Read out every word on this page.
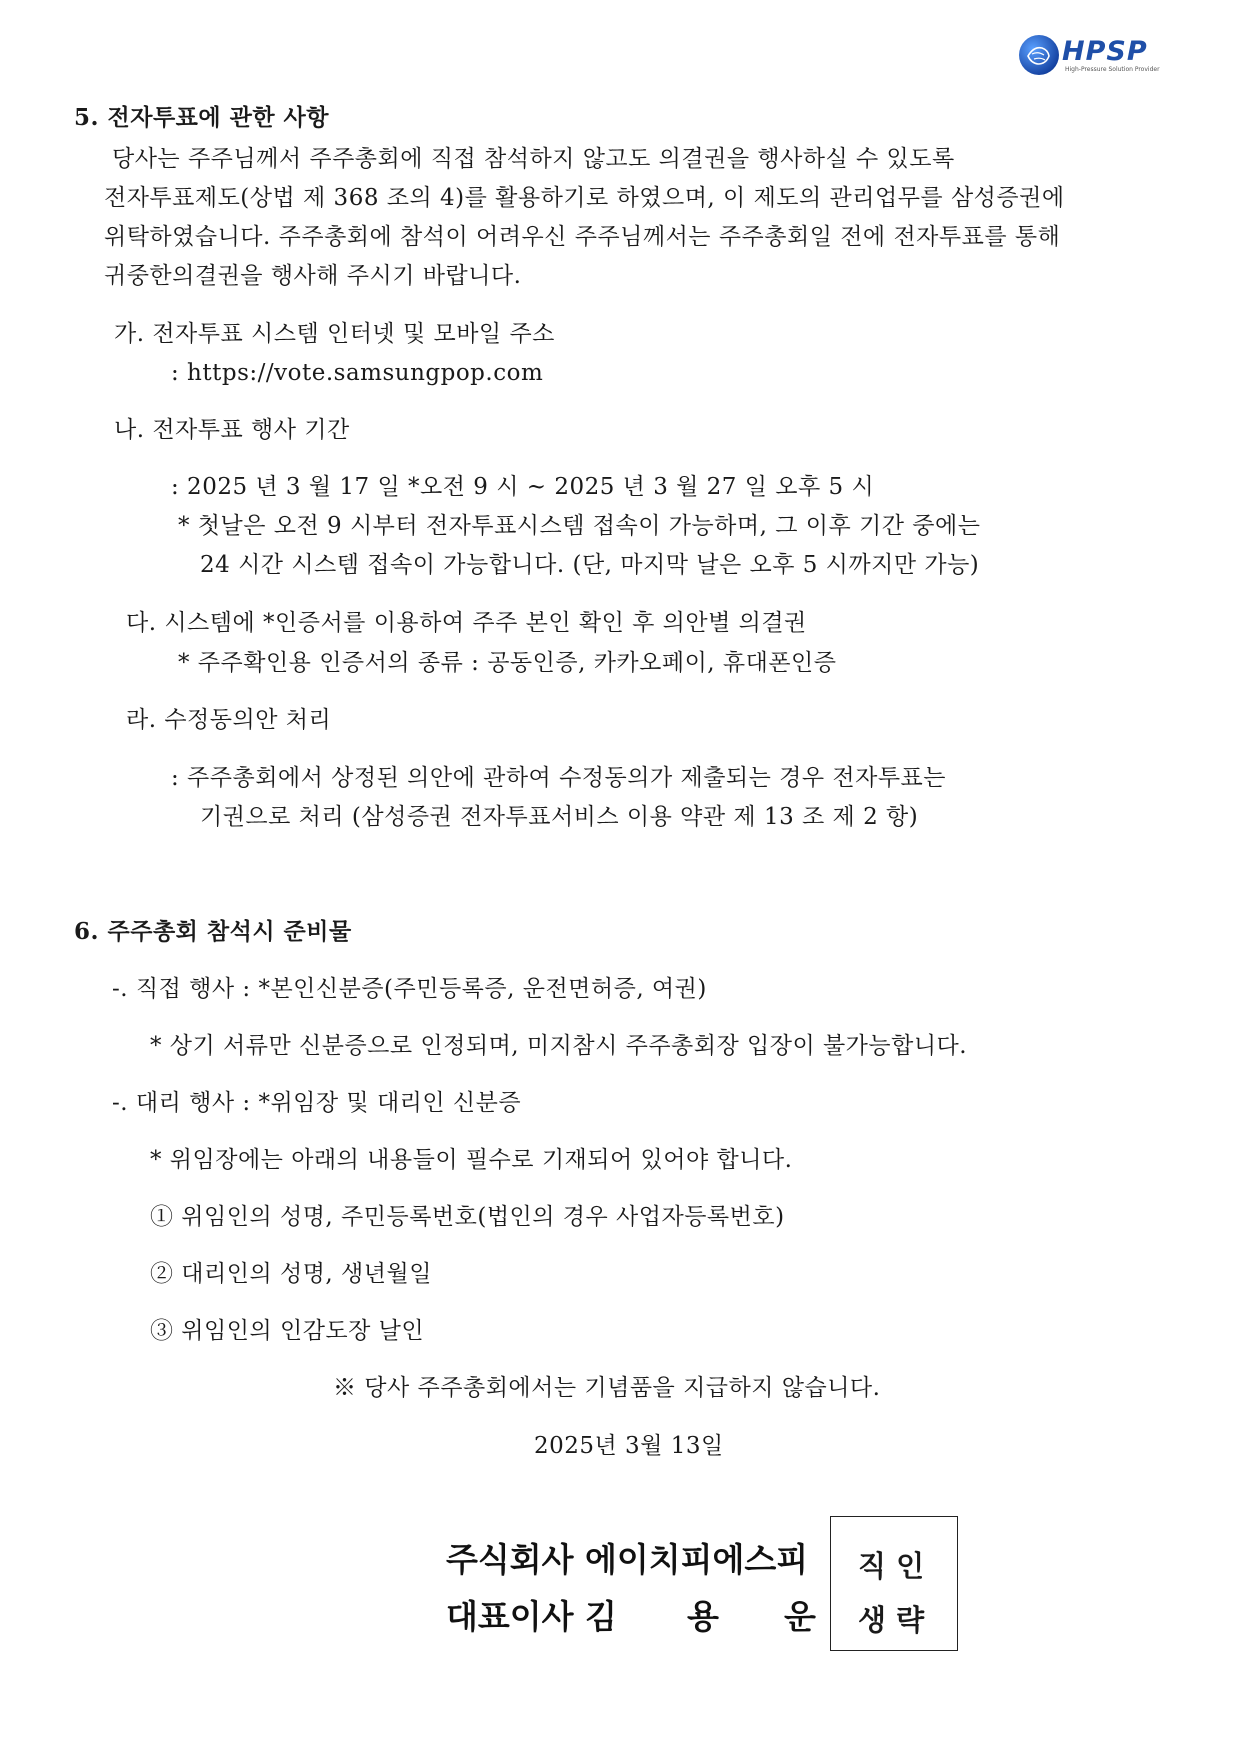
HPSP
High-Pressure Solution Provider
5. 전자투표에 관한 사항
당사는 주주님께서 주주총회에 직접 참석하지 않고도 의결권을 행사하실 수 있도록
전자투표제도(상법 제 368 조의 4)를 활용하기로 하였으며, 이 제도의 관리업무를 삼성증권에
위탁하였습니다. 주주총회에 참석이 어려우신 주주님께서는 주주총회일 전에 전자투표를 통해
귀중한의결권을 행사해 주시기 바랍니다.
가. 전자투표 시스템 인터넷 및 모바일 주소
: https://vote.samsungpop.com
나. 전자투표 행사 기간
: 2025 년 3 월 17 일 *오전 9 시 ~ 2025 년 3 월 27 일 오후 5 시
* 첫날은 오전 9 시부터 전자투표시스템 접속이 가능하며, 그 이후 기간 중에는
24 시간 시스템 접속이 가능합니다. (단, 마지막 날은 오후 5 시까지만 가능)
다. 시스템에 *인증서를 이용하여 주주 본인 확인 후 의안별 의결권
* 주주확인용 인증서의 종류 : 공동인증, 카카오페이, 휴대폰인증
라. 수정동의안 처리
: 주주총회에서 상정된 의안에 관하여 수정동의가 제출되는 경우 전자투표는
기권으로 처리 (삼성증권 전자투표서비스 이용 약관 제 13 조 제 2 항)
6. 주주총회 참석시 준비물
-. 직접 행사 : *본인신분증(주민등록증, 운전면허증, 여권)
* 상기 서류만 신분증으로 인정되며, 미지참시 주주총회장 입장이 불가능합니다.
-. 대리 행사 : *위임장 및 대리인 신분증
* 위임장에는 아래의 내용들이 필수로 기재되어 있어야 합니다.
① 위임인의 성명, 주민등록번호(법인의 경우 사업자등록번호)
② 대리인의 성명, 생년월일
③ 위임인의 인감도장 날인
※ 당사 주주총회에서는 기념품을 지급하지 않습니다.
2025년 3월 13일
주식회사 에이치피에스피
대표이사 김 용 운
직 인
생 략
